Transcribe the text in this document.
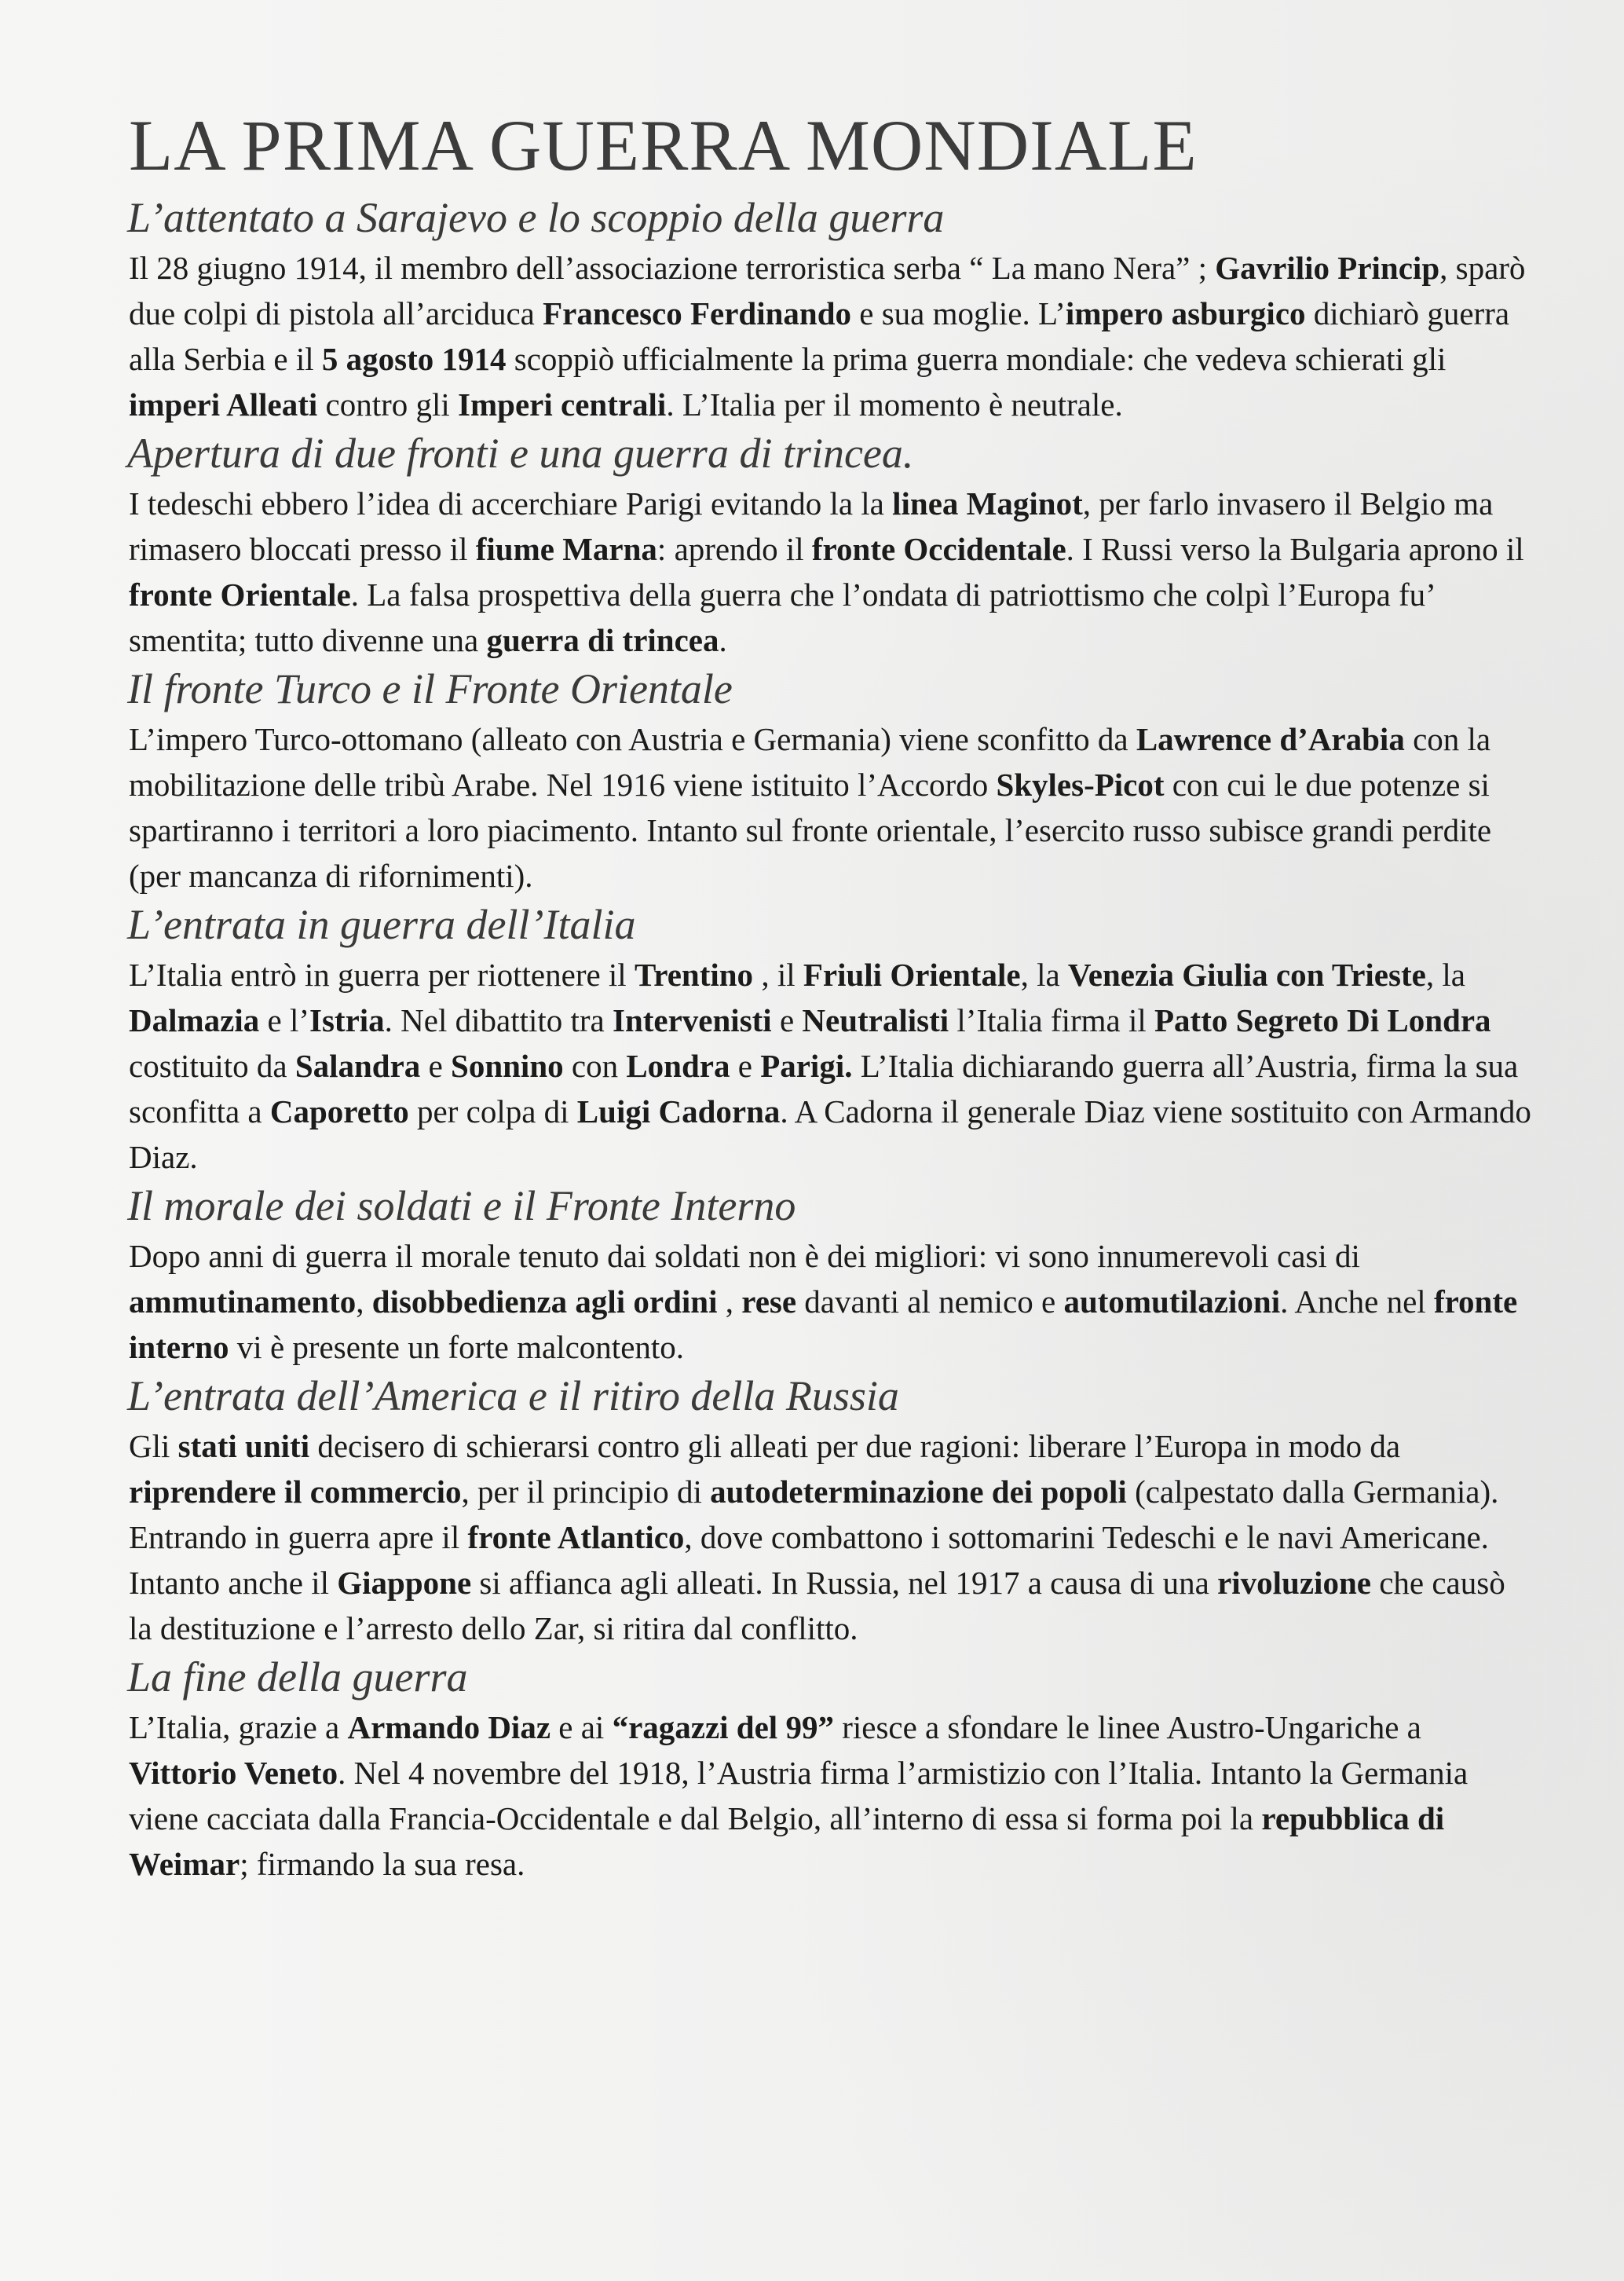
LA PRIMA GUERRA MONDIALE
L’attentato a Sarajevo e lo scoppio della guerra

Il 28 giugno 1914, il membro dell’associazione terroristica serba “ La mano Nera” ; Gavrilio Princip, sparò due colpi di pistola all’arciduca Francesco Ferdinando e sua moglie. L’impero asburgico dichiarò guerra alla Serbia e il 5 agosto 1914 scoppiò ufficialmente la prima guerra mondiale: che vedeva schierati gli imperi Alleati contro gli Imperi centrali. L’Italia per il momento è neutrale.

Apertura di due fronti e una guerra di trincea.

I tedeschi ebbero l’idea di accerchiare Parigi evitando la la linea Maginot, per farlo invasero il Belgio ma rimasero bloccati presso il fiume Marna: aprendo il fronte Occidentale. I Russi verso la Bulgaria aprono il fronte Orientale. La falsa prospettiva della guerra che l’ondata di patriottismo che colpì l’Europa fu’ smentita; tutto divenne una guerra di trincea.

Il fronte Turco e il Fronte Orientale

L’impero Turco-ottomano (alleato con Austria e Germania) viene sconfitto da Lawrence d’Arabia con la mobilitazione delle tribù Arabe. Nel 1916 viene istituito l’Accordo Skyles-Picot con cui le due potenze si spartiranno i territori a loro piacimento. Intanto sul fronte orientale, l’esercito russo subisce grandi perdite (per mancanza di rifornimenti).

L’entrata in guerra dell’Italia

L’Italia entrò in guerra per riottenere il Trentino , il Friuli Orientale, la Venezia Giulia con Trieste, la Dalmazia e l’Istria. Nel dibattito tra Intervenisti e Neutralisti l’Italia firma il Patto Segreto Di Londra costituito da Salandra e Sonnino con Londra e Parigi. L’Italia dichiarando guerra all’Austria, firma la sua sconfitta a Caporetto per colpa di Luigi Cadorna. A Cadorna il generale Diaz viene sostituito con Armando Diaz.

Il morale dei soldati e il Fronte Interno

Dopo anni di guerra il morale tenuto dai soldati non è dei migliori: vi sono innumerevoli casi di ammutinamento, disobbedienza agli ordini , rese davanti al nemico e automutilazioni. Anche nel fronte interno vi è presente un forte malcontento.

L’entrata dell’America e il ritiro della Russia

Gli stati uniti decisero di schierarsi contro gli alleati per due ragioni: liberare l’Europa in modo da riprendere il commercio, per il principio di autodeterminazione dei popoli (calpestato dalla Germania). Entrando in guerra apre il fronte Atlantico, dove combattono i sottomarini Tedeschi e le navi Americane. Intanto anche il Giappone si affianca agli alleati. In Russia, nel 1917 a causa di una rivoluzione che causò la destituzione e l’arresto dello Zar, si ritira dal conflitto.

La fine della guerra

L’Italia, grazie a Armando Diaz e ai “ragazzi del 99” riesce a sfondare le linee Austro-Ungariche a Vittorio Veneto. Nel 4 novembre del 1918, l’Austria firma l’armistizio con l’Italia. Intanto la Germania viene cacciata dalla Francia-Occidentale e dal Belgio, all’interno di essa si forma poi la repubblica di Weimar; firmando la sua resa.
